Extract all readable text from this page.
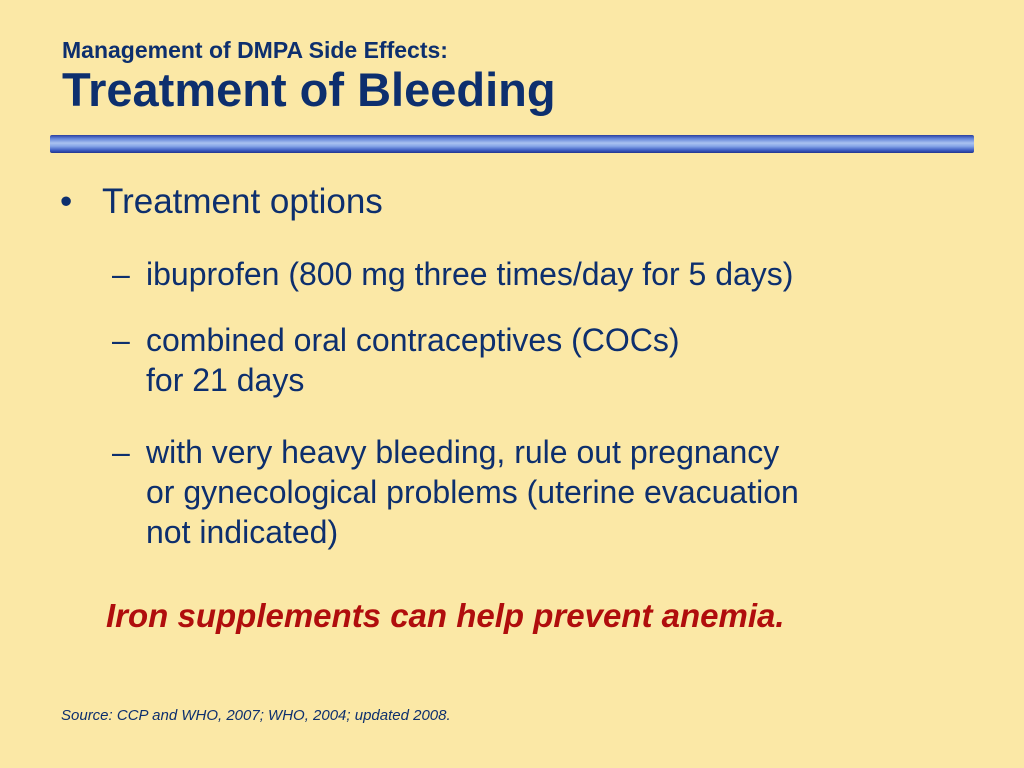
Management of DMPA Side Effects:
Treatment of Bleeding
• Treatment options
– ibuprofen (800 mg three times/day for 5 days)
– combined oral contraceptives (COCs)
for 21 days
– with very heavy bleeding, rule out pregnancy
or gynecological problems (uterine evacuation
not indicated)
Iron supplements can help prevent anemia.
Source: CCP and WHO, 2007; WHO, 2004; updated 2008.
